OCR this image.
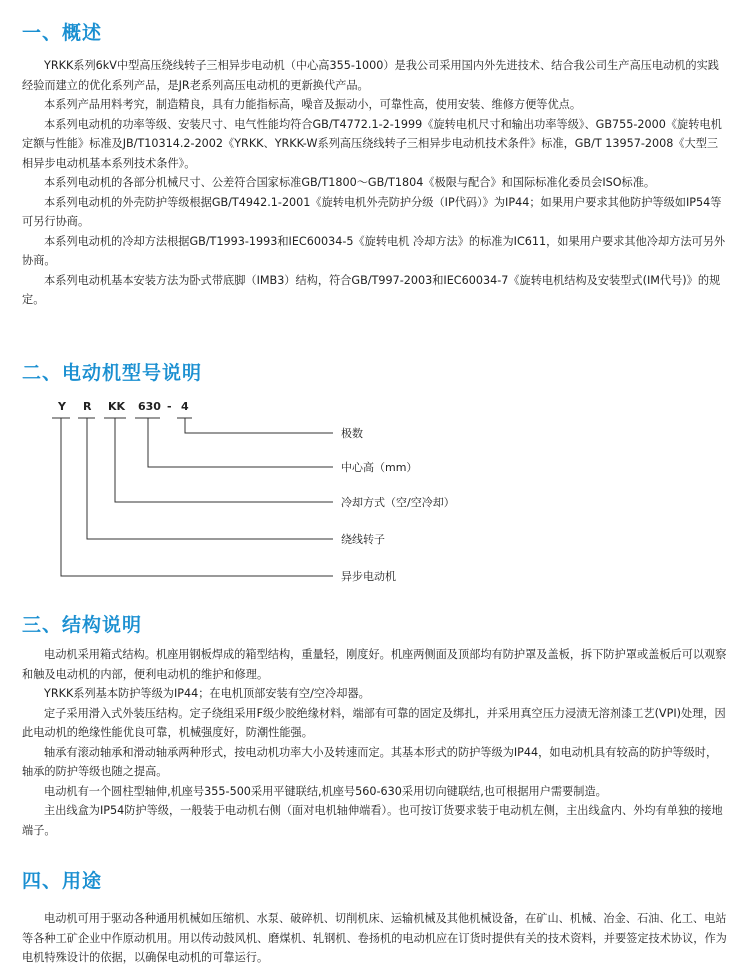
一、概述

YRKK系列6kV中型高压绕线转子三相异步电动机（中心高355-1000）是我公司采用国内外先进技术、结合我公司生产高压电动机的实践经验而建立的优化系列产品，是JR老系列高压电动机的更新换代产品。

本系列产品用料考究，制造精良，具有力能指标高，噪音及振动小，可靠性高，使用安装、维修方便等优点。

本系列电动机的功率等级、安装尺寸、电气性能均符合GB/T4772.1-2-1999《旋转电机尺寸和输出功率等级》、GB755-2000《旋转电机 定额与性能》标准及JB/T10314.2-2002《YRKK、YRKK-W系列高压绕线转子三相异步电动机技术条件》标准，GB/T 13957-2008《大型三相异步电动机基本系列技术条件》。

本系列电动机的各部分机械尺寸、公差符合国家标准GB/T1800～GB/T1804《极限与配合》和国际标准化委员会ISO标准。

本系列电动机的外壳防护等级根据GB/T4942.1-2001《旋转电机外壳防护分级（IP代码）》为IP44；如果用户要求其他防护等级如IP54等可另行协商。

本系列电动机的冷却方法根据GB/T1993-1993和IEC60034-5《旋转电机 冷却方法》的标准为IC611，如果用户要求其他冷却方法可另外协商。

本系列电动机基本安装方法为卧式带底脚（IMB3）结构，符合GB/T997-2003和IEC60034-7《旋转电机结构及安装型式(IM代号)》的规定。

二、电动机型号说明
Y R KK 630 - 4
极数
中心高（mm）
冷却方式（空/空冷却）
绕线转子
异步电动机
三、结构说明

电动机采用箱式结构。机座用钢板焊成的箱型结构，重量轻，刚度好。机座两侧面及顶部均有防护罩及盖板，拆下防护罩或盖板后可以观察和触及电动机的内部，便利电动机的维护和修理。

YRKK系列基本防护等级为IP44；在电机顶部安装有空/空冷却器。

定子采用滑入式外装压结构。定子绕组采用F级少胶绝缘材料，端部有可靠的固定及绑扎，并采用真空压力浸渍无溶剂漆工艺(VPI)处理，因此电动机的绝缘性能优良可靠，机械强度好，防潮性能强。

轴承有滚动轴承和滑动轴承两种形式，按电动机功率大小及转速而定。其基本形式的防护等级为IP44，如电动机具有较高的防护等级时，轴承的防护等级也随之提高。

电动机有一个圆柱型轴伸,机座号355-500采用平键联结,机座号560-630采用切向键联结,也可根据用户需要制造。

主出线盒为IP54防护等级，一般装于电动机右侧（面对电机轴伸端看）。也可按订货要求装于电动机左侧，主出线盒内、外均有单独的接地端子。

四、用途

电动机可用于驱动各种通用机械如压缩机、水泵、破碎机、切削机床、运输机械及其他机械设备，在矿山、机械、冶金、石油、化工、电站等各种工矿企业中作原动机用。用以传动鼓风机、磨煤机、轧钢机、卷扬机的电动机应在订货时提供有关的技术资料，并要签定技术协议，作为电机特殊设计的依据，以确保电动机的可靠运行。
